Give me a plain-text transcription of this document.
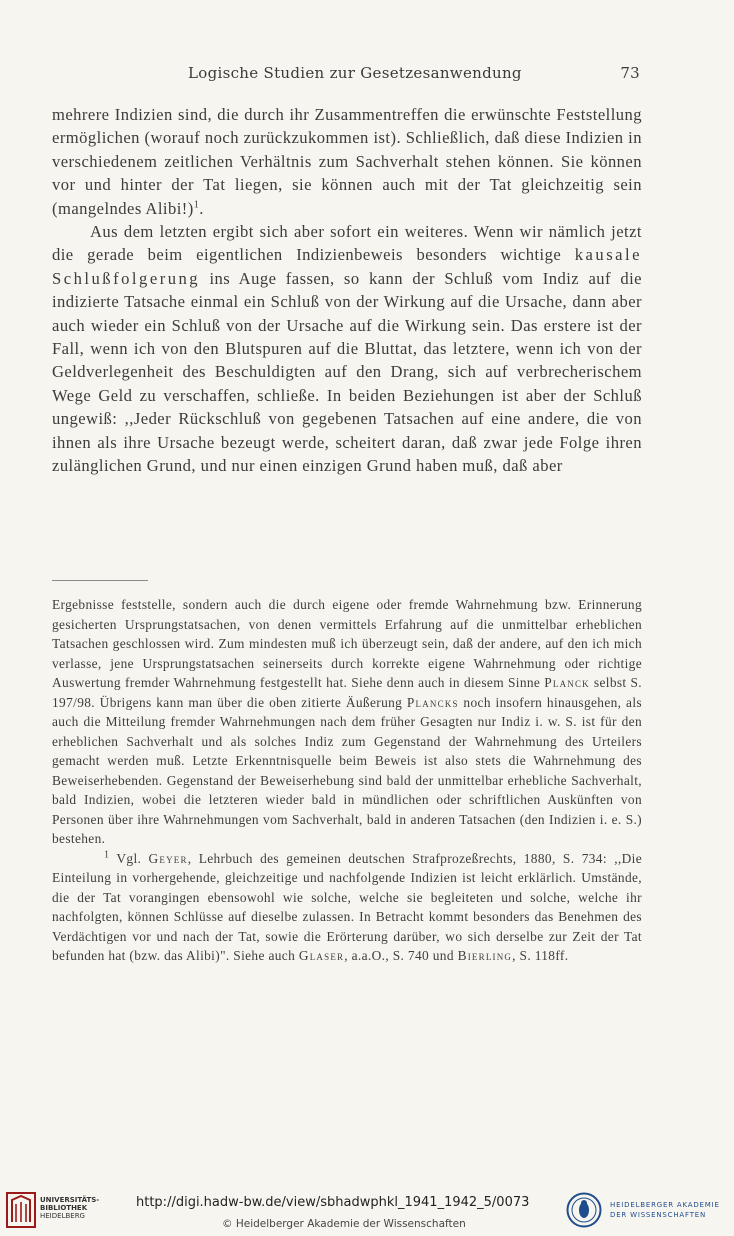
Logische Studien zur Gesetzesanwendung	73

mehrere Indizien sind, die durch ihr Zusammentreffen die erwünschte Feststellung ermöglichen (worauf noch zurückzukommen ist). Schließlich, daß diese Indizien in verschiedenem zeitlichen Verhältnis zum Sachverhalt stehen können. Sie können vor und hinter der Tat liegen, sie können auch mit der Tat gleichzeitig sein (mangelndes Alibi!)$^1$.

Aus dem letzten ergibt sich aber sofort ein weiteres. Wenn wir nämlich jetzt die gerade beim eigentlichen Indizienbeweis besonders wichtige kausale Schlußfolgerung ins Auge fassen, so kann der Schluß vom Indiz auf die indizierte Tatsache einmal ein Schluß von der Wirkung auf die Ursache, dann aber auch wieder ein Schluß von der Ursache auf die Wirkung sein. Das erstere ist der Fall, wenn ich von den Blutspuren auf die Bluttat, das letztere, wenn ich von der Geldverlegenheit des Beschuldigten auf den Drang, sich auf verbrecherischem Wege Geld zu verschaffen, schließe. In beiden Beziehungen ist aber der Schluß ungewiß: ,,Jeder Rückschluß von gegebenen Tatsachen auf eine andere, die von ihnen als ihre Ursache bezeugt werde, scheitert daran, daß zwar jede Folge ihren zulänglichen Grund, und nur einen einzigen Grund haben muß, daß aber

Ergebnisse feststelle, sondern auch die durch eigene oder fremde Wahrnehmung bzw. Erinnerung gesicherten Ursprungstatsachen, von denen vermittels Erfahrung auf die unmittelbar erheblichen Tatsachen geschlossen wird. Zum mindesten muß ich überzeugt sein, daß der andere, auf den ich mich verlasse, jene Ursprungstatsachen seinerseits durch korrekte eigene Wahrnehmung oder richtige Auswertung fremder Wahrnehmung festgestellt hat. Siehe denn auch in diesem Sinne Planck selbst S. 197/98. Übrigens kann man über die oben zitierte Äußerung Plancks noch insofern hinausgehen, als auch die Mitteilung fremder Wahrnehmungen nach dem früher Gesagten nur Indiz i. w. S. ist für den erheblichen Sachverhalt und als solches Indiz zum Gegenstand der Wahrnehmung des Urteilers gemacht werden muß. Letzte Erkenntnisquelle beim Beweis ist also stets die Wahrnehmung des Beweiserhebenden. Gegenstand der Beweiserhebung sind bald der unmittelbar erhebliche Sachverhalt, bald Indizien, wobei die letzteren wieder bald in mündlichen oder schriftlichen Auskünften von Personen über ihre Wahrnehmungen vom Sachverhalt, bald in anderen Tatsachen (den Indizien i. e. S.) bestehen.

$^1$ Vgl. Geyer, Lehrbuch des gemeinen deutschen Strafprozeßrechts, 1880, S. 734: ,,Die Einteilung in vorhergehende, gleichzeitige und nachfolgende Indizien ist leicht erklärlich. Umstände, die der Tat vorangingen ebensowohl wie solche, welche sie begleiteten und solche, welche ihr nachfolgten, können Schlüsse auf dieselbe zulassen. In Betracht kommt besonders das Benehmen des Verdächtigen vor und nach der Tat, sowie die Erörterung darüber, wo sich derselbe zur Zeit der Tat befunden hat (bzw. das Alibi)". Siehe auch Glaser, a.a.O., S. 740 und Bierling, S. 118ff.

UNIVERSITÄTS-
BIBLIOTHEK
HEIDELBERG
http://digi.hadw-bw.de/view/sbhadwphkl_1941_1942_5/0073
© Heidelberger Akademie der Wissenschaften
HEIDELBERGER AKADEMIE
DER WISSENSCHAFTEN
